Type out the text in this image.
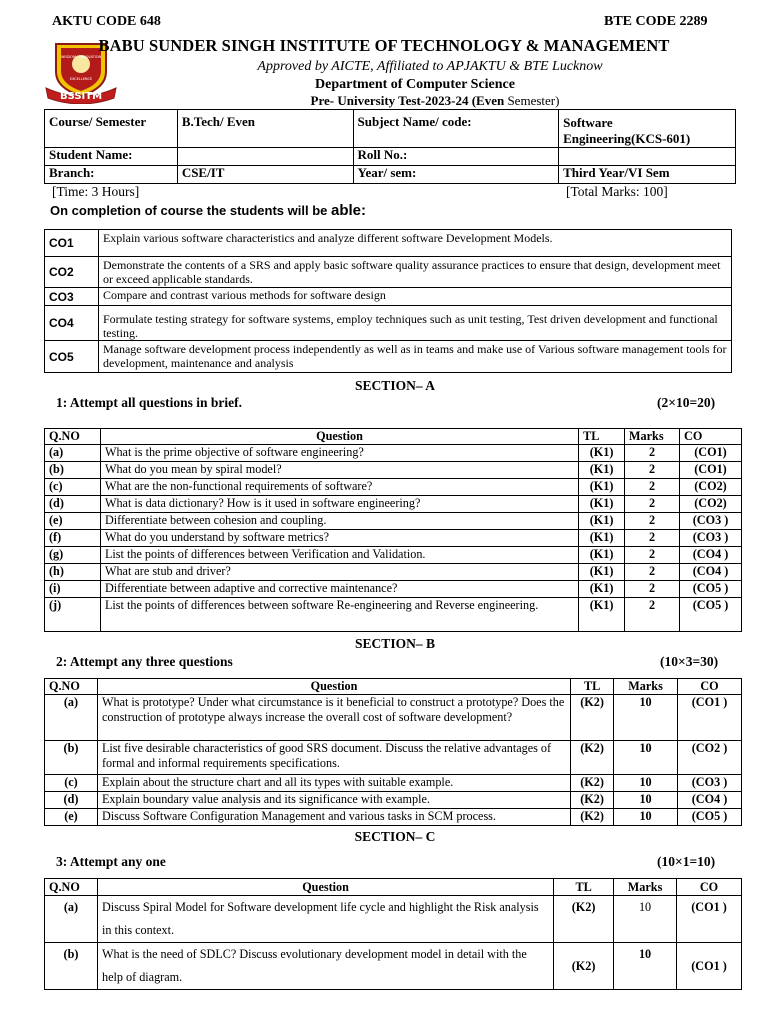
AKTU CODE 648	BTE CODE 2289
WISDOM · INNOVATION
EXCELLENCE
BSSITM
BABU SUNDER SINGH INSTITUTE OF TECHNOLOGY & MANAGEMENT
Approved by AICTE, Affiliated to APJAKTU & BTE Lucknow
Department of Computer Science
Pre- University Test-2023-24 (Even Semester)
Course/ Semester	B.Tech/ Even	Subject Name/ code:	Software
Engineering(KCS-601)
Student Name:		Roll No.:	
Branch:	CSE/IT	Year/ sem:	Third Year/VI Sem
[Time: 3 Hours]	[Total Marks: 100]
On completion of course the students will be able:
CO1	Explain various software characteristics and analyze different software Development Models.
CO2	Demonstrate the contents of a SRS and apply basic software quality assurance practices to ensure that design, development meet or exceed applicable standards.
CO3	Compare and contrast various methods for software design
CO4	Formulate testing strategy for software systems, employ techniques such as unit testing, Test driven development and functional testing.
CO5	Manage software development process independently as well as in teams and make use of Various software management tools for development, maintenance and analysis
SECTION– A
1: Attempt all questions in brief.	(2×10=20)
Q.NO	Question	TL	Marks	CO
(a)	What is the prime objective of software engineering?	(K1)	2	(CO1)
(b)	What do you mean by spiral model?	(K1)	2	(CO1)
(c)	What are the non-functional requirements of software?	(K1)	2	(CO2)
(d)	What is data dictionary? How is it used in software engineering?	(K1)	2	(CO2)
(e)	Differentiate between cohesion and coupling.	(K1)	2	(CO3 )
(f)	What do you understand by software metrics?	(K1)	2	(CO3 )
(g)	List the points of differences between Verification and Validation.	(K1)	2	(CO4 )
(h)	What are stub and driver?	(K1)	2	(CO4 )
(i)	Differentiate between adaptive and corrective maintenance?	(K1)	2	(CO5 )
(j)	List the points of differences between software Re-engineering and Reverse engineering.	(K1)	2	(CO5 )
SECTION– B
2: Attempt any three questions	(10×3=30)
Q.NO	Question	TL	Marks	CO
(a)	What is prototype? Under what circumstance is it beneficial to construct a prototype? Does the construction of prototype always increase the overall cost of software development?	(K2)	10	(CO1 )
(b)	List five desirable characteristics of good SRS document. Discuss the relative advantages of formal and informal requirements specifications.	(K2)	10	(CO2 )
(c)	Explain about the structure chart and all its types with suitable example.	(K2)	10	(CO3 )
(d)	Explain boundary value analysis and its significance with example.	(K2)	10	(CO4 )
(e)	Discuss Software Configuration Management and various tasks in SCM process.	(K2)	10	(CO5 )
SECTION– C
3: Attempt any one	(10×1=10)
Q.NO	Question	TL	Marks	CO
(a)	Discuss Spiral Model for Software development life cycle and highlight the Risk analysis in this context.	(K2)	10	(CO1 )
(b)	What is the need of SDLC? Discuss evolutionary development model in detail with the help of diagram.	(K2)	10	(CO1 )
